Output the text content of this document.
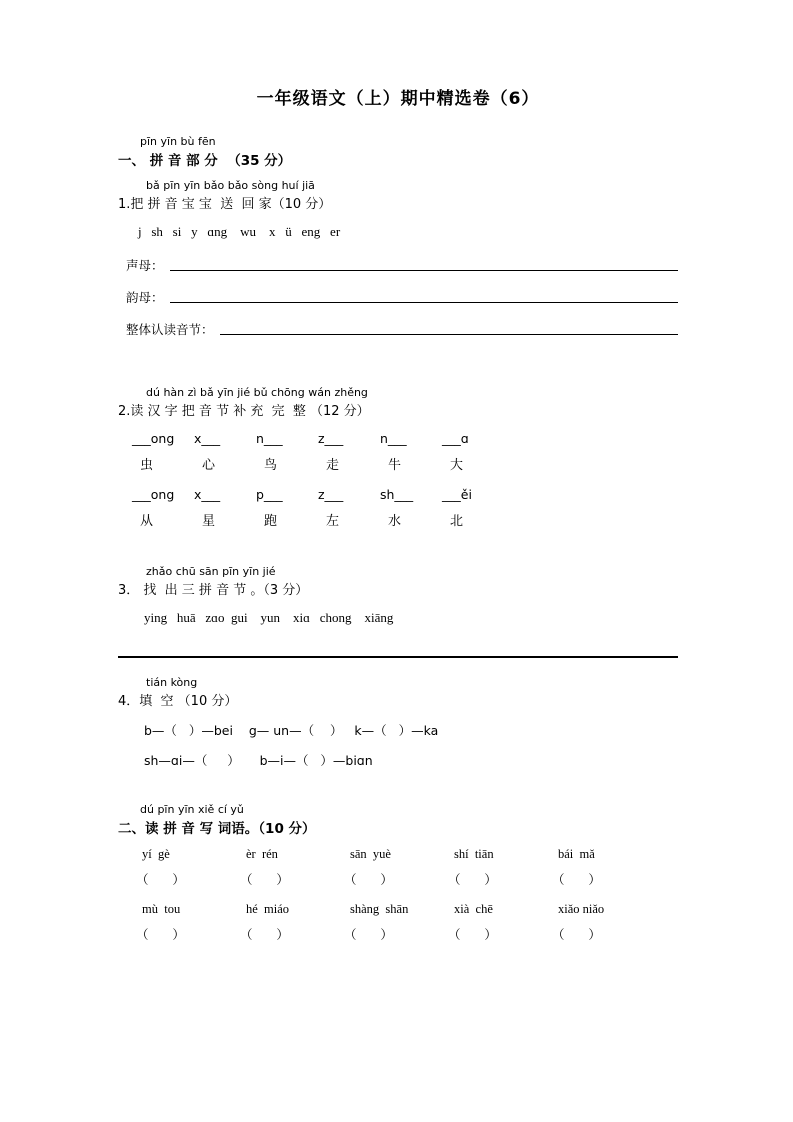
一年级语文（上）期中精选卷（6）
pīn yīn bù fēn
一、 拼 音 部 分  （35 分）
bǎ pīn yīn bǎo bǎo sòng huí jiā
1.把 拼 音 宝 宝  送  回 家（10 分）
j   sh   si   y   ɑng    wu    x   ü   eng   er
声母：
韵母：
整体认读音节：
dú hàn zì bǎ yīn jié bǔ chōng wán zhěng
2.读 汉 字 把 音 节 补 充  完  整 （12 分）
___ong	x___	n___	z___	n___	___ɑ
虫	心	鸟	走	牛	大
___ong	x___	p___	z___	sh___	___ěi
从	星	跑	左	水	北
zhǎo chū sān pīn yīn jié
3． 找  出 三 拼 音 节 。（3 分）
ying   huā   zɑo  gui    yun    xiɑ   chong    xiāng
tián kòng
4．填  空 （10 分）
b—（   ）—bei    g— un—（    ）   k—（   ）—ka
sh—ɑi—（     ）     b—i—（   ）—biɑn
dú pīn yīn xiě cí yǔ
二、读 拼 音 写 词语。（10 分）
yí  gè	èr  rén	sān  yuè	shí  tiān	bái  mǎ
（      ）	（      ）	（      ）	（      ）	（      ）
mù  tou	hé  miáo	shàng  shān	xià  chē	xiǎo niǎo
（      ）	（      ）	（      ）	（      ）	（      ）
